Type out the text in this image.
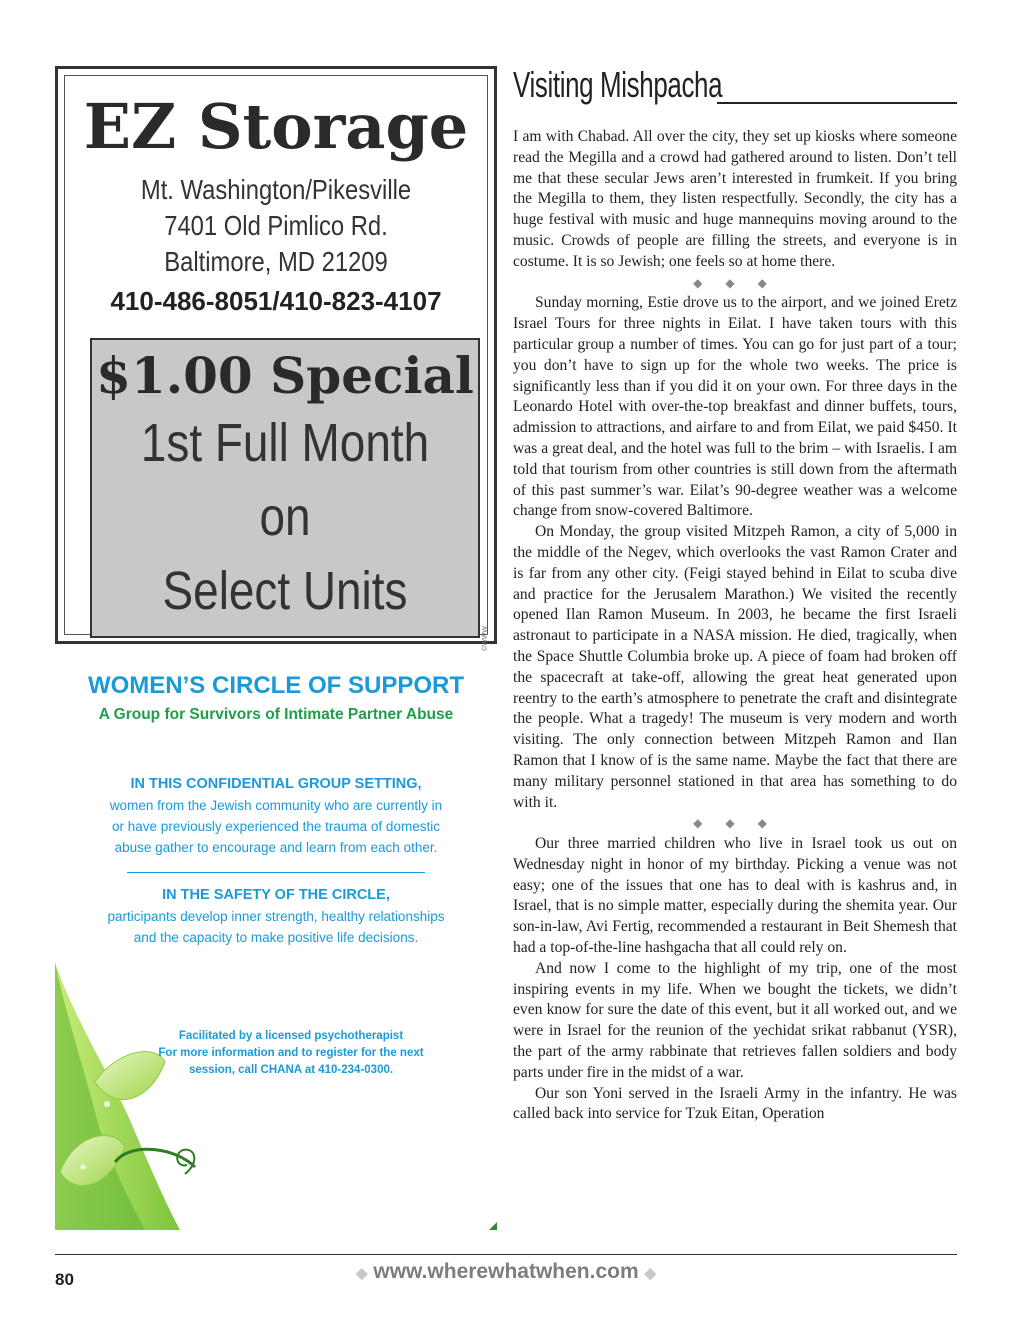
EZ Storage
Mt. Washington/Pikesville
7401 Old Pimlico Rd.
Baltimore, MD 21209
410-486-8051/410-823-4107
$1.00 Special
1st Full Month
on
Select Units
©WWW
WOMEN’S CIRCLE OF SUPPORT
A Group for Survivors of Intimate Partner Abuse
IN THIS CONFIDENTIAL GROUP SETTING,
women from the Jewish community who are currently in
or have previously experienced the trauma of domestic
abuse gather to encourage and learn from each other.
IN THE SAFETY OF THE CIRCLE,
participants develop inner strength, healthy relationships
and the capacity to make positive life decisions.
Facilitated by a licensed psychotherapist
For more information and to register for the next
session, call CHANA at 410-234-0300.
Visiting Mishpacha

I am with Chabad. All over the city, they set up kiosks where someone read the Megilla and a crowd had gathered around to listen. Don’t tell me that these secular Jews aren’t interested in frumkeit. If you bring the Megilla to them, they listen respectfully. Secondly, the city has a huge festival with music and huge mannequins moving around to the music. Crowds of people are filling the streets, and everyone is in costume. It is so Jewish; one feels so at home there.

◆ ◆ ◆

Sunday morning, Estie drove us to the airport, and we joined Eretz Israel Tours for three nights in Eilat. I have taken tours with this particular group a number of times. You can go for just part of a tour; you don’t have to sign up for the whole two weeks. The price is significantly less than if you did it on your own. For three days in the Leonardo Hotel with over-the-top breakfast and dinner buffets, tours, admission to attractions, and airfare to and from Eilat, we paid $450. It was a great deal, and the hotel was full to the brim – with Israelis. I am told that tourism from other countries is still down from the aftermath of this past summer’s war. Eilat’s 90-degree weather was a welcome change from snow-covered Baltimore.

On Monday, the group visited Mitzpeh Ramon, a city of 5,000 in the middle of the Negev, which overlooks the vast Ramon Crater and is far from any other city. (Feigi stayed behind in Eilat to scuba dive and practice for the Jerusalem Marathon.) We visited the recently opened Ilan Ramon Museum. In 2003, he became the first Israeli astronaut to participate in a NASA mission. He died, tragically, when the Space Shuttle Columbia broke up. A piece of foam had broken off the spacecraft at take-off, allowing the great heat generated upon reentry to the earth’s atmosphere to penetrate the craft and disintegrate the people. What a tragedy! The museum is very modern and worth visiting. The only connection between Mitzpeh Ramon and Ilan Ramon that I know of is the same name. Maybe the fact that there are many military personnel stationed in that area has something to do with it.

◆ ◆ ◆

Our three married children who live in Israel took us out on Wednesday night in honor of my birthday. Picking a venue was not easy; one of the issues that one has to deal with is kashrus and, in Israel, that is no simple matter, especially during the shemita year. Our son-in-law, Avi Fertig, recommended a restaurant in Beit Shemesh that had a top-of-the-line hashgacha that all could rely on.

And now I come to the highlight of my trip, one of the most inspiring events in my life. When we bought the tickets, we didn’t even know for sure the date of this event, but it all worked out, and we were in Israel for the reunion of the yechidat srikat rabbanut (YSR), the part of the army rabbinate that retrieves fallen soldiers and body parts under fire in the midst of a war.

Our son Yoni served in the Israeli Army in the infantry. He was called back into service for Tzuk Eitan, Operation

80	◆ www.wherewhatwhen.com ◆
